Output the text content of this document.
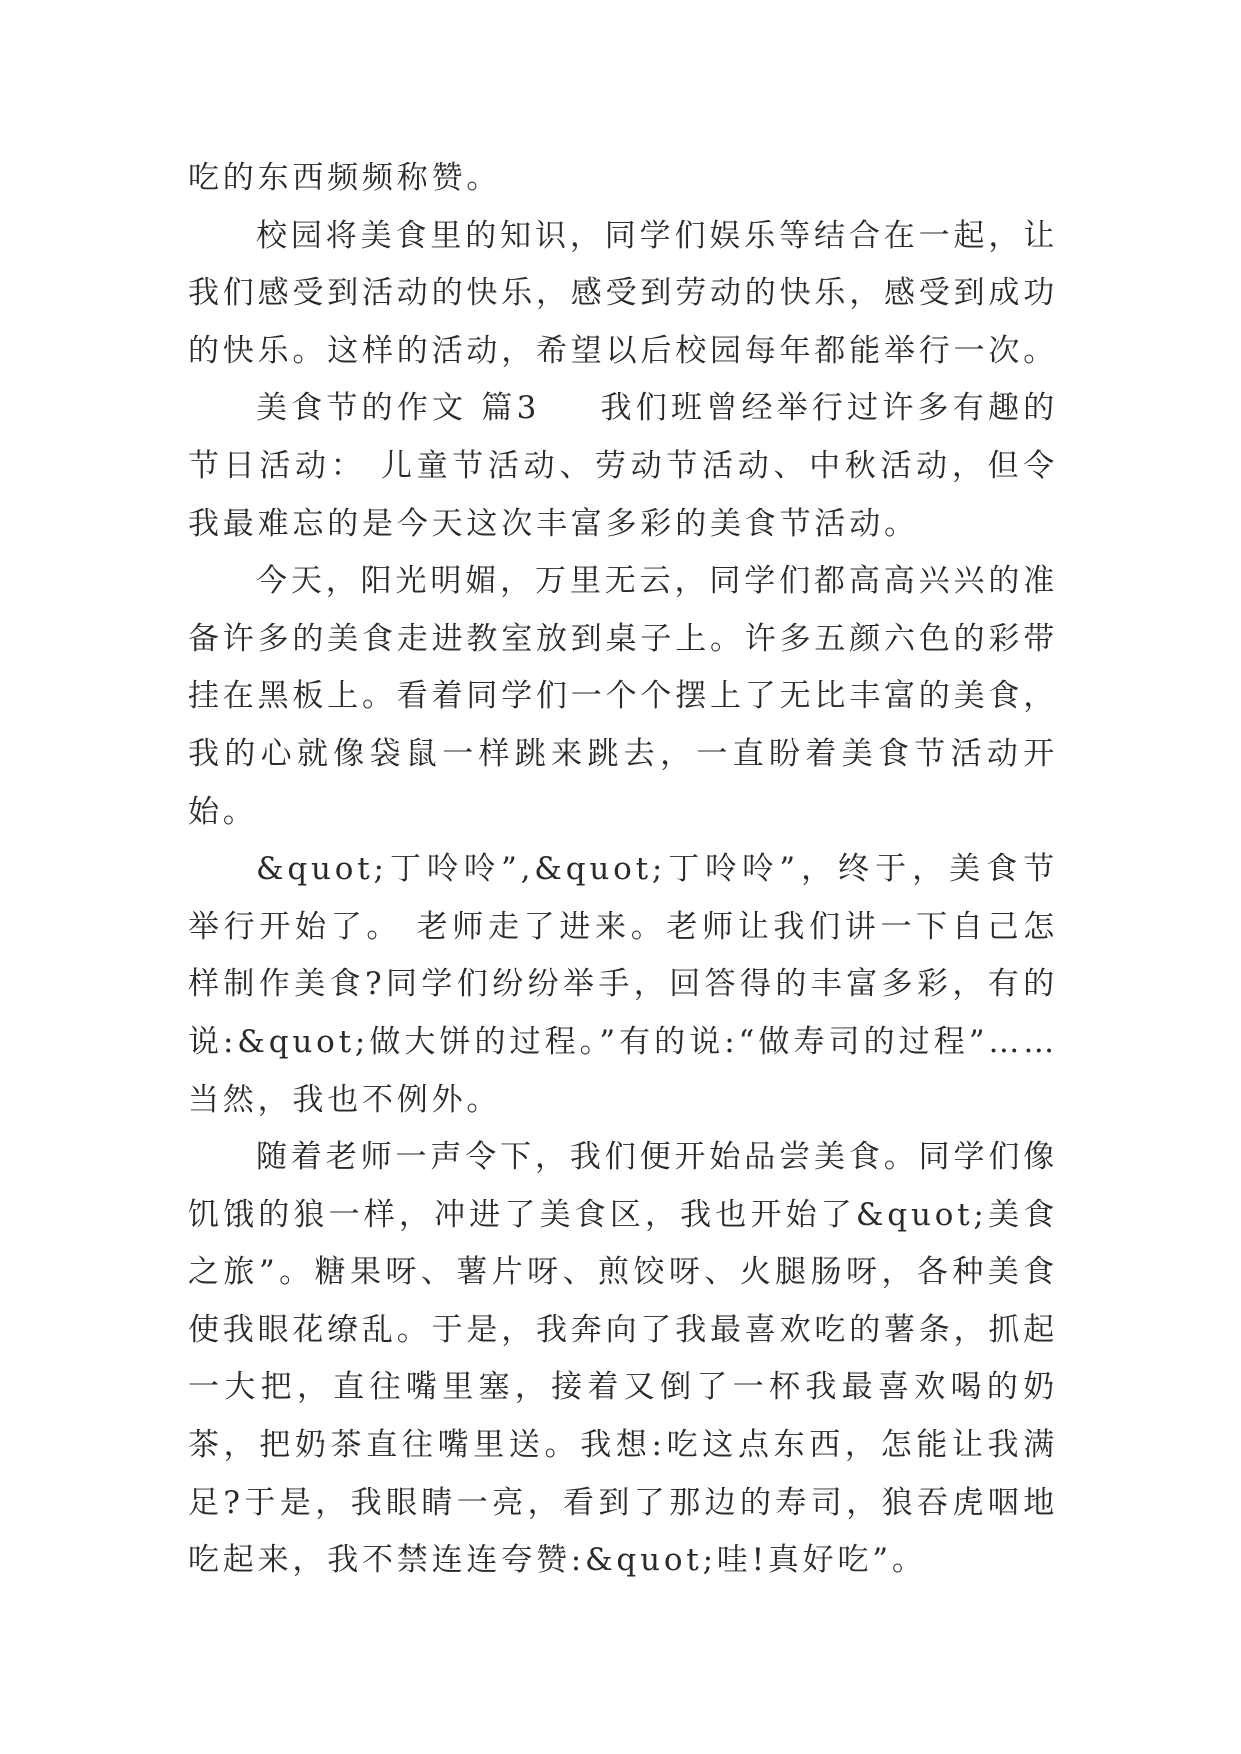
吃的东西频频称赞。

校园将美食里的知识，同学们娱乐等结合在一起，让我们感受到活动的快乐，感受到劳动的快乐，感受到成功的快乐。这样的活动，希望以后校园每年都能举行一次。

美食节的作文 篇3 我们班曾经举行过许多有趣的节日活动： 儿童节活动、劳动节活动、中秋活动，但令我最难忘的是今天这次丰富多彩的美食节活动。

今天，阳光明媚，万里无云，同学们都高高兴兴的准备许多的美食走进教室放到桌子上。许多五颜六色的彩带挂在黑板上。看着同学们一个个摆上了无比丰富的美食，我的心就像袋鼠一样跳来跳去，一直盼着美食节活动开始。

&quot;丁呤呤”,&quot;丁呤呤”，终于，美食节举行开始了。 老师走了进来。老师让我们讲一下自己怎样制作美食?同学们纷纷举手，回答得的丰富多彩，有的说:&quot;做大饼的过程。”有的说:“做寿司的过程”……当然，我也不例外。

随着老师一声令下，我们便开始品尝美食。同学们像饥饿的狼一样，冲进了美食区，我也开始了&quot;美食之旅”。糖果呀、薯片呀、煎饺呀、火腿肠呀，各种美食使我眼花缭乱。于是，我奔向了我最喜欢吃的薯条，抓起一大把，直往嘴里塞，接着又倒了一杯我最喜欢喝的奶茶，把奶茶直往嘴里送。我想:吃这点东西，怎能让我满足?于是，我眼睛一亮，看到了那边的寿司，狼吞虎咽地吃起来，我不禁连连夸赞:&quot;哇!真好吃”。
